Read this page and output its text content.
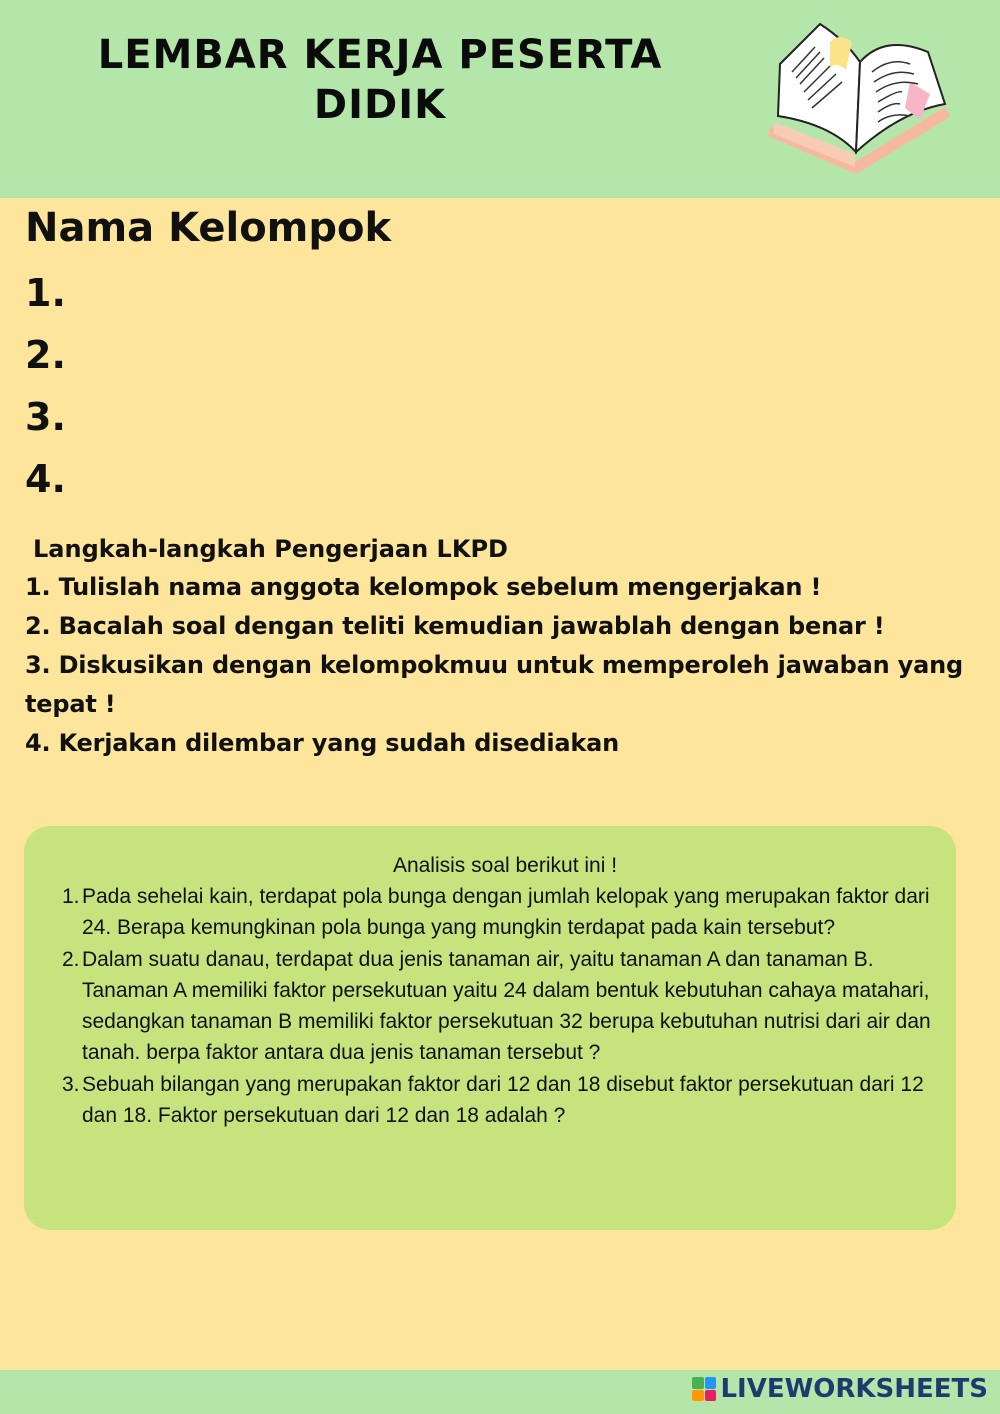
LEMBAR KERJA PESERTA DIDIK
Nama Kelompok
1.
2.
3.
4.
Langkah-langkah Pengerjaan LKPD
1. Tulislah nama anggota kelompok sebelum mengerjakan !
2. Bacalah soal dengan teliti kemudian jawablah dengan benar !
3. Diskusikan dengan kelompokmuu untuk memperoleh jawaban yang tepat !
4. Kerjakan dilembar yang sudah disediakan
Analisis soal berikut ini !
1. Pada sehelai kain, terdapat pola bunga dengan jumlah kelopak yang merupakan faktor dari 24. Berapa kemungkinan pola bunga yang mungkin terdapat pada kain tersebut?
2. Dalam suatu danau, terdapat dua jenis tanaman air, yaitu tanaman A dan tanaman B. Tanaman A memiliki faktor persekutuan yaitu 24 dalam bentuk kebutuhan cahaya matahari, sedangkan tanaman B memiliki faktor persekutuan 32 berupa kebutuhan nutrisi dari air dan tanah. berpa faktor antara dua jenis tanaman tersebut ?
3. Sebuah bilangan yang merupakan faktor dari 12 dan 18 disebut faktor persekutuan dari 12 dan 18. Faktor persekutuan dari 12 dan 18 adalah ?
LIVEWORKSHEETS
